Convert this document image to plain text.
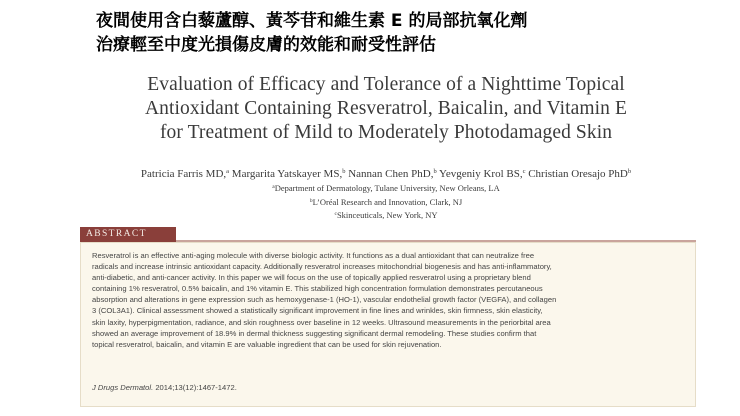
夜間使用含白藜蘆醇、黃芩苷和維生素 E 的局部抗氧化劑
治療輕至中度光損傷皮膚的效能和耐受性評估
Evaluation of Efficacy and Tolerance of a Nighttime Topical
Antioxidant Containing Resveratrol, Baicalin, and Vitamin E
for Treatment of Mild to Moderately Photodamaged Skin
Patricia Farris MD,$^a$ Margarita Yatskayer MS,$^b$ Nannan Chen PhD,$^b$ Yevgeniy Krol BS,$^c$ Christian Oresajo PhD$^b$
$^a$Department of Dermatology, Tulane University, New Orleans, LA
$^b$L’Oréal Research and Innovation, Clark, NJ
$^c$Skinceuticals, New York, NY
ABSTRACT
Resveratrol is an effective anti-aging molecule with diverse biologic activity. It functions as a dual antioxidant that can neutralize free
radicals and increase intrinsic antioxidant capacity. Additionally resveratrol increases mitochondrial biogenesis and has anti-inflammatory,
anti-diabetic, and anti-cancer activity. In this paper we will focus on the use of topically applied resveratrol using a proprietary blend
containing 1% resveratrol, 0.5% baicalin, and 1% vitamin E. This stabilized high concentration formulation demonstrates percutaneous
absorption and alterations in gene expression such as hemoxygenase-1 (HO-1), vascular endothelial growth factor (VEGFA), and collagen
3 (COL3A1). Clinical assessment showed a statistically significant improvement in fine lines and wrinkles, skin firmness, skin elasticity,
skin laxity, hyperpigmentation, radiance, and skin roughness over baseline in 12 weeks. Ultrasound measurements in the periorbital area
showed an average improvement of 18.9% in dermal thickness suggesting significant dermal remodeling. These studies confirm that
topical resveratrol, baicalin, and vitamin E are valuable ingredient that can be used for skin rejuvenation.
J Drugs Dermatol. 2014;13(12):1467-1472.
